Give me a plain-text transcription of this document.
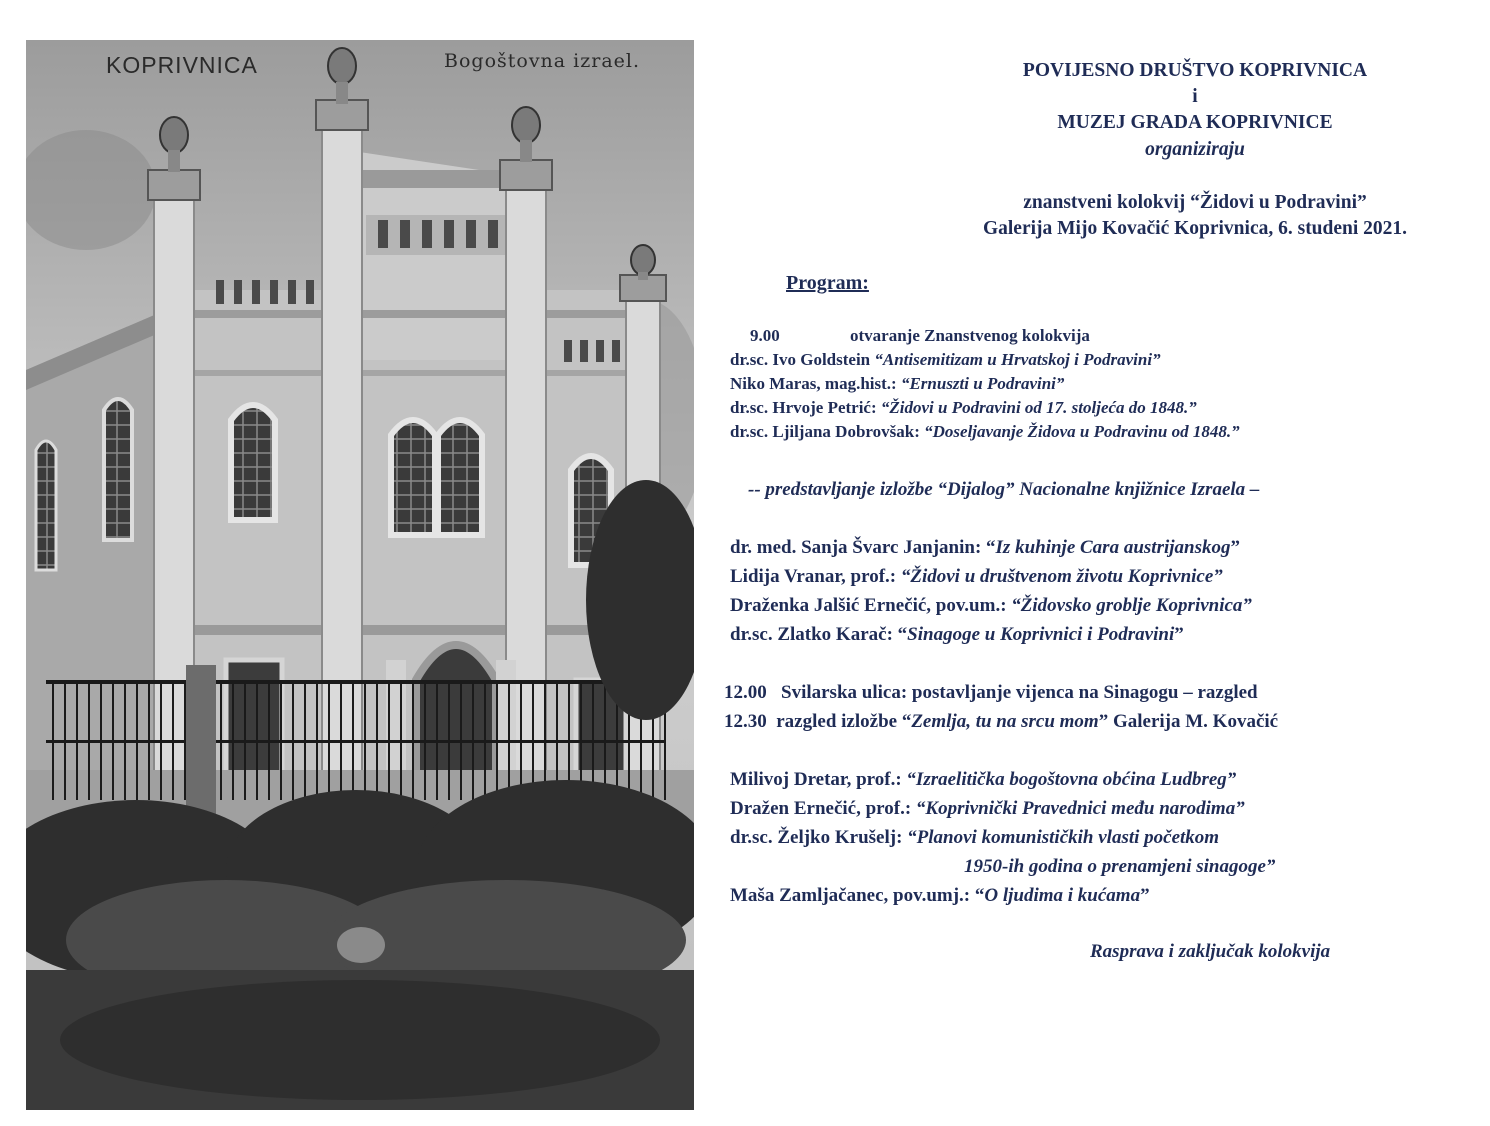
KOPRIVNICA	Bogoštovna izrael.	POVIJESNO DRUŠTVO KOPRIVNICA
i
MUZEJ GRADA KOPRIVNICE
organiziraju
znanstveni kolokvij “Židovi u Podravini”
Galerija Mijo Kovačić Koprivnica, 6. studeni 2021.
Program:
9.00	otvaranje Znanstvenog kolokvija
dr.sc. Ivo Goldstein “Antisemitizam u Hrvatskoj i Podravini”
Niko Maras, mag.hist.: “Ernuszti u Podravini”
dr.sc. Hrvoje Petrić: “Židovi u Podravini od 17. stoljeća do 1848.”
dr.sc. Ljiljana Dobrovšak: “Doseljavanje Židova u Podravinu od 1848.”
-- predstavljanje izložbe “Dijalog” Nacionalne knjižnice Izraela –
dr. med. Sanja Švarc Janjanin: “Iz kuhinje Cara austrijanskog”
Lidija Vranar, prof.: “Židovi u društvenom životu Koprivnice”
Draženka Jalšić Ernečić, pov.um.: “Židovsko groblje Koprivnica”
dr.sc. Zlatko Karač: “Sinagoge u Koprivnici i Podravini”
12.00 Svilarska ulica: postavljanje vijenca na Sinagogu – razgled
12.30 razgled izložbe “Zemlja, tu na srcu mom” Galerija M. Kovačić
Milivoj Dretar, prof.: “Izraelitička bogoštovna obćina Ludbreg”
Dražen Ernečić, prof.: “Koprivnički Pravednici među narodima”
dr.sc. Željko Krušelj: “Planovi komunističkih vlasti početkom
1950-ih godina o prenamjeni sinagoge”
Maša Zamljačanec, pov.umj.: “O ljudima i kućama”
Rasprava i zaključak kolokvija
